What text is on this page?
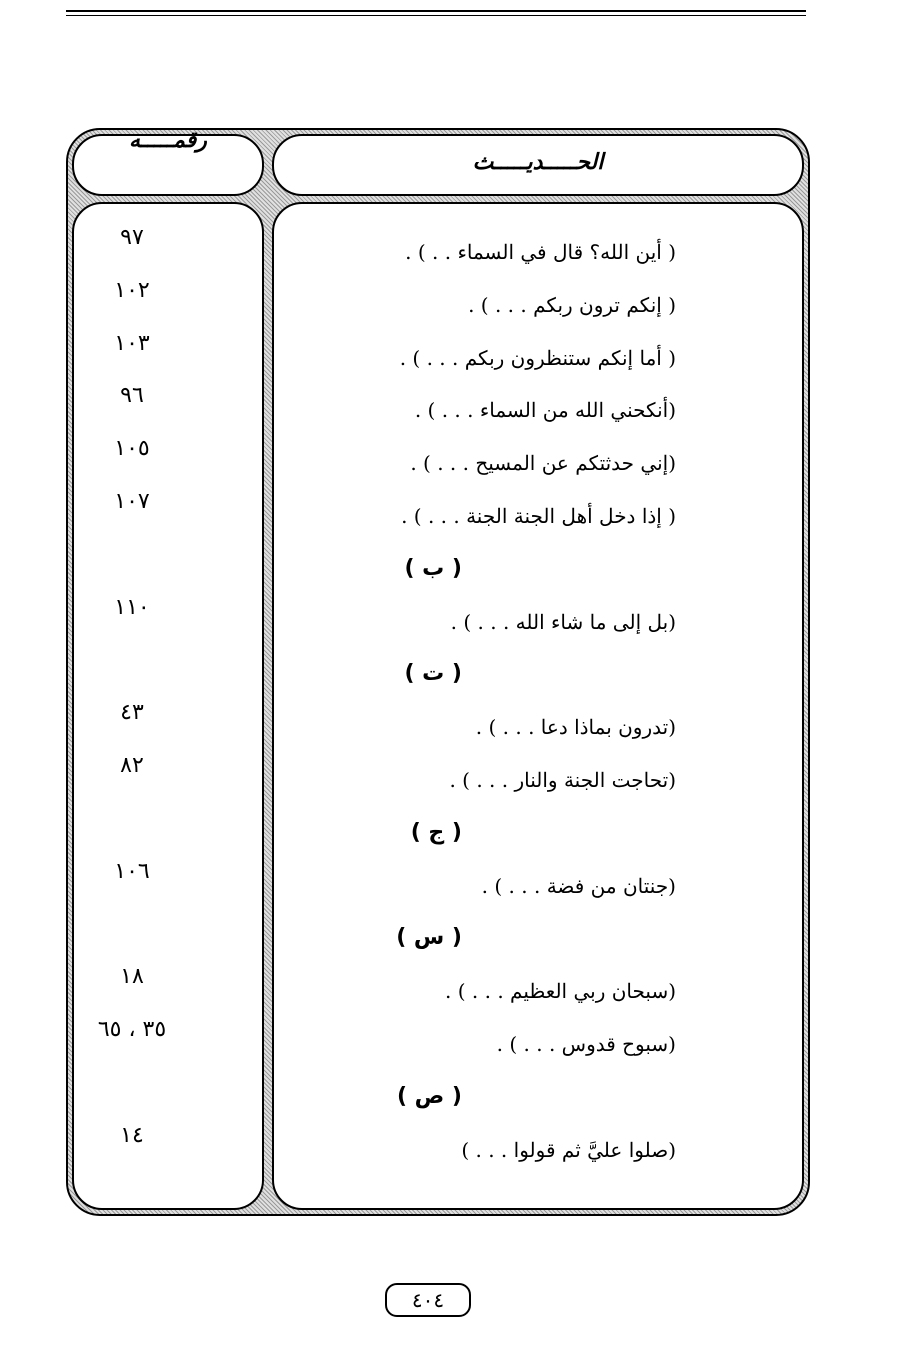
رقمـــــه
الحـــــديـــــث
( أين الله؟ قال في السماء . . ) .
٩٧
( إنكم ترون ربكم . . . ) .
١٠٢
( أما إنكم ستنظرون ربكم . . . ) .
١٠٣
(أنكحني الله من السماء . . . ) .
٩٦
(إني حدثتكم عن المسيح . . . ) .
١٠٥
( إذا دخل أهل الجنة الجنة . . . ) .
١٠٧
( ب )
(بل إلى ما شاء الله . . . ) .
١١٠
( ت )
(تدرون بماذا دعا . . . ) .
٤٣
(تحاجت الجنة والنار . . . ) .
٨٢
( ج )
(جنتان من فضة . . . ) .
١٠٦
( س )
(سبحان ربي العظيم . . . ) .
١٨
(سبوح قدوس . . . ) .
٣٥ ، ٦٥
( ص )
(صلوا عليَّ ثم قولوا . . . )
١٤
٤٠٤
